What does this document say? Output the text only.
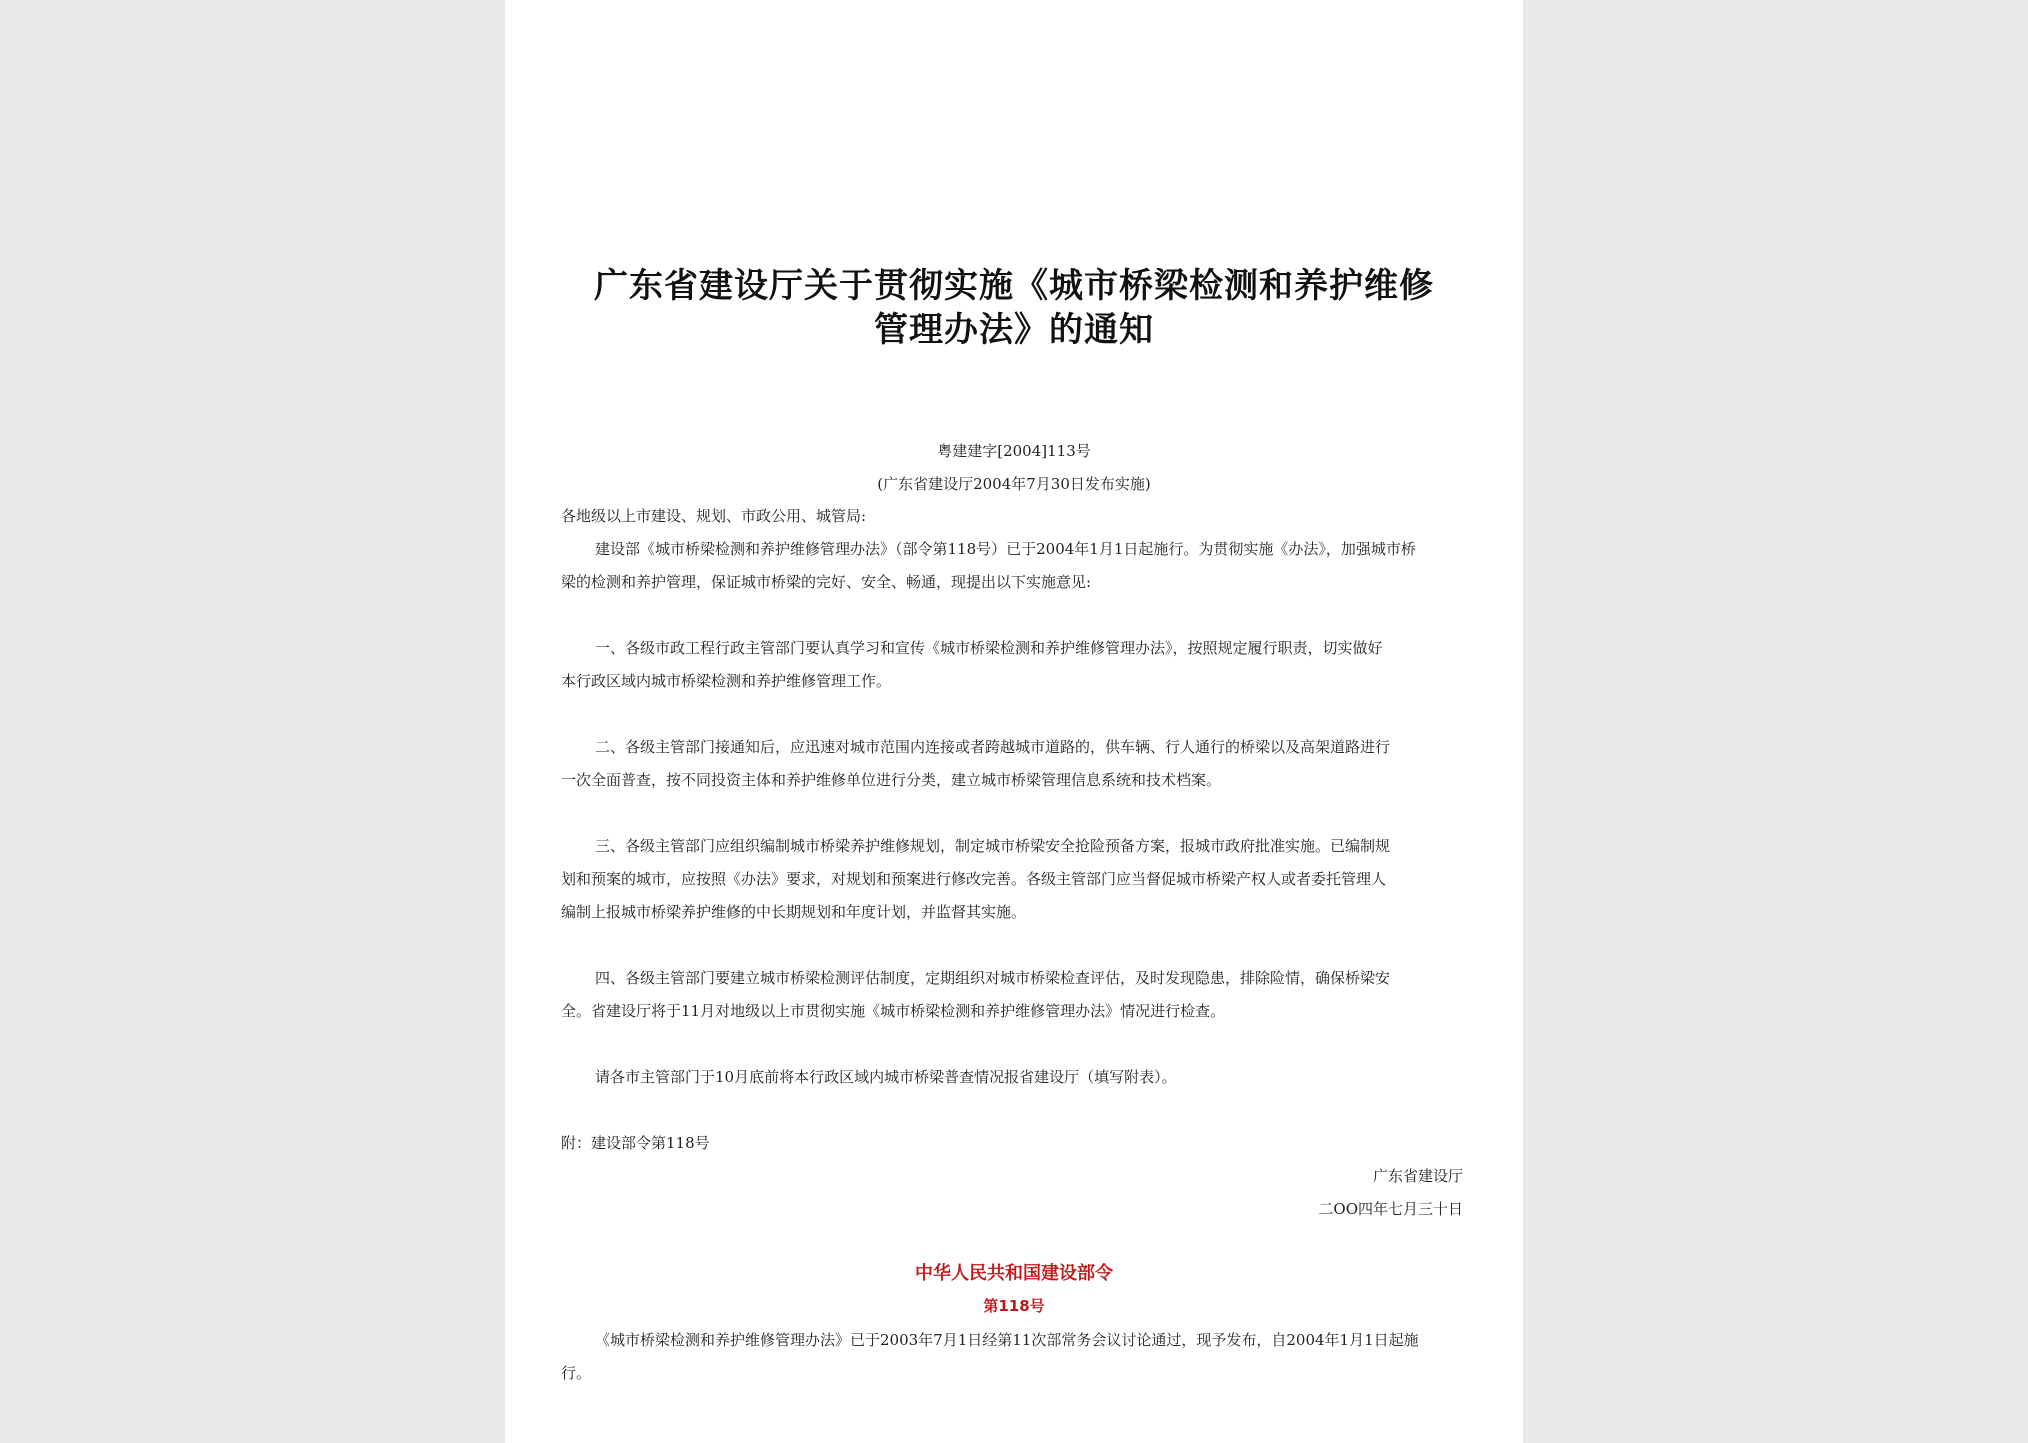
广东省建设厅关于贯彻实施《城市桥梁检测和养护维修
管理办法》的通知
粤建建字[2004]113号
(广东省建设厅2004年7月30日发布实施)
各地级以上市建设、规划、市政公用、城管局:
建设部《城市桥梁检测和养护维修管理办法》（部令第118号）已于2004年1月1日起施行。为贯彻实施《办法》，加强城市桥
梁的检测和养护管理，保证城市桥梁的完好、安全、畅通，现提出以下实施意见:
一、各级市政工程行政主管部门要认真学习和宣传《城市桥梁检测和养护维修管理办法》，按照规定履行职责，切实做好
本行政区域内城市桥梁检测和养护维修管理工作。
二、各级主管部门接通知后，应迅速对城市范围内连接或者跨越城市道路的，供车辆、行人通行的桥梁以及高架道路进行
一次全面普查，按不同投资主体和养护维修单位进行分类，建立城市桥梁管理信息系统和技术档案。
三、各级主管部门应组织编制城市桥梁养护维修规划，制定城市桥梁安全抢险预备方案，报城市政府批准实施。已编制规
划和预案的城市，应按照《办法》要求，对规划和预案进行修改完善。各级主管部门应当督促城市桥梁产权人或者委托管理人
编制上报城市桥梁养护维修的中长期规划和年度计划，并监督其实施。
四、各级主管部门要建立城市桥梁检测评估制度，定期组织对城市桥梁检查评估，及时发现隐患，排除险情，确保桥梁安
全。省建设厅将于11月对地级以上市贯彻实施《城市桥梁检测和养护维修管理办法》情况进行检查。
请各市主管部门于10月底前将本行政区域内城市桥梁普查情况报省建设厅（填写附表）。
附：建设部令第118号
广东省建设厅
二OO四年七月三十日
中华人民共和国建设部令
第118号
《城市桥梁检测和养护维修管理办法》已于2003年7月1日经第11次部常务会议讨论通过，现予发布，自2004年1月1日起施
行。
